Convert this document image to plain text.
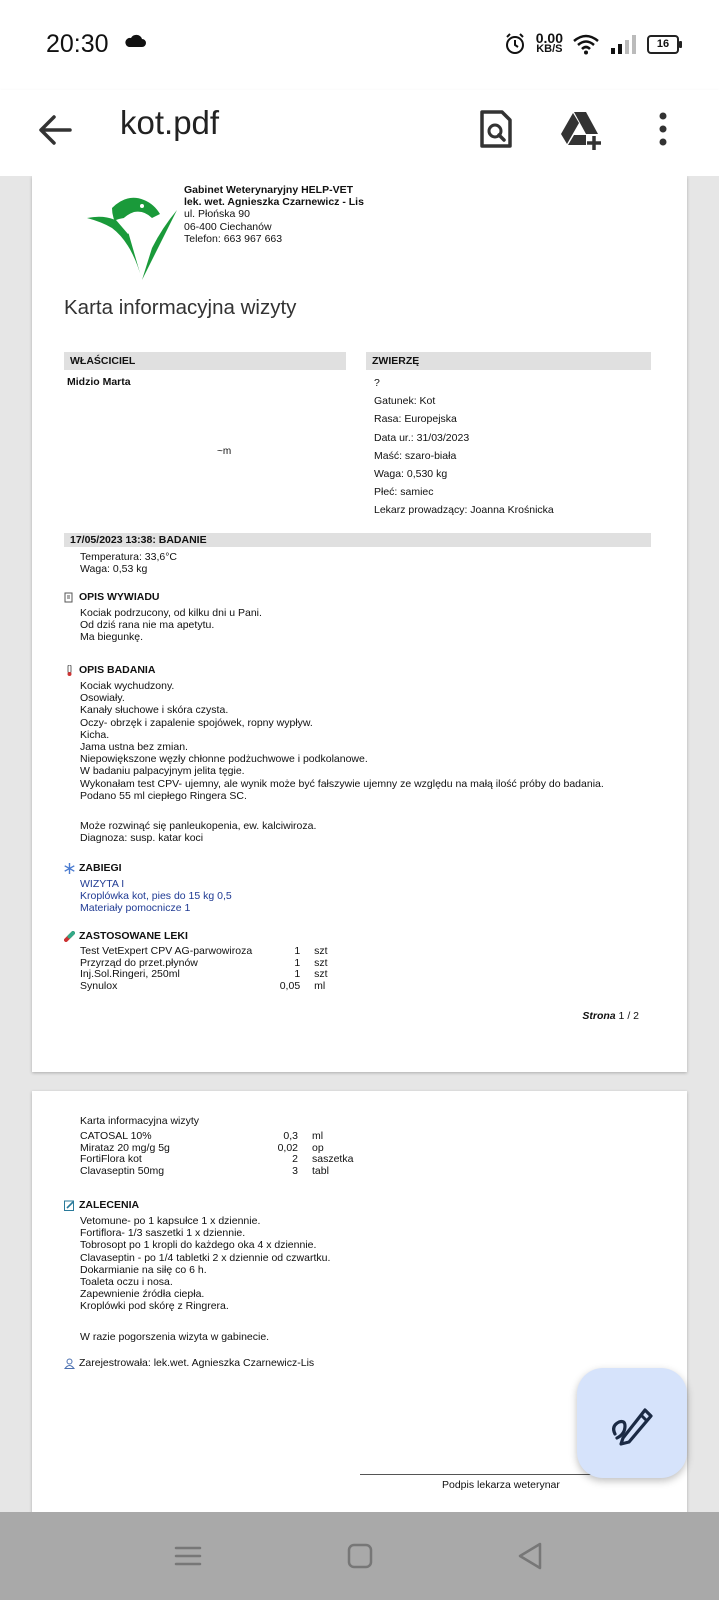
20:30	0.00
KB/S	16
kot.pdf
Gabinet Weterynaryjny HELP-VET
lek. wet. Agnieszka Czarnewicz - Lis
ul. Płońska 90
06-400 Ciechanów
Telefon: 663 967 663
Karta informacyjna wizyty
WŁAŚCICIEL	ZWIERZĘ
Midzio Marta
~m
?
Gatunek: Kot
Rasa: Europejska
Data ur.: 31/03/2023
Maść: szaro-biała
Waga: 0,530 kg
Płeć: samiec
Lekarz prowadzący: Joanna Krośnicka
17/05/2023 13:38: BADANIE
Temperatura: 33,6°C
Waga: 0,53 kg
OPIS WYWIADU
Kociak podrzucony, od kilku dni u Pani.
Od dziś rana nie ma apetytu.
Ma biegunkę.
OPIS BADANIA
Kociak wychudzony.
Osowiały.
Kanały słuchowe i skóra czysta.
Oczy- obrzęk i zapalenie spojówek, ropny wypływ.
Kicha.
Jama ustna bez zmian.
Niepowiększone węzły chłonne podżuchwowe i podkolanowe.
W badaniu palpacyjnym jelita tęgie.
Wykonałam test CPV- ujemny, ale wynik może być fałszywie ujemny ze względu na małą ilość próby do badania.
Podano 55 ml ciepłego Ringera SC.
Może rozwinąć się panleukopenia, ew. kalciwiroza.
Diagnoza: susp. katar koci
ZABIEGI
WIZYTA I
Kroplówka kot, pies do 15 kg 0,5
Materiały pomocnicze 1
ZASTOSOWANE LEKI
Test VetExpert CPV AG-parwowiroza	1	szt
Przyrząd do przet.płynów	1	szt
Inj.Sol.Ringeri, 250ml	1	szt
Synulox	0,05	ml
Strona 1 / 2
Karta informacyjna wizyty
CATOSAL 10%	0,3	ml
Mirataz 20 mg/g 5g	0,02	op
FortiFlora kot	2	saszetka
Clavaseptin 50mg	3	tabl
ZALECENIA
Vetomune- po 1 kapsułce 1 x dziennie.
Fortiflora- 1/3 saszetki 1 x dziennie.
Tobrosopt po 1 kropli do każdego oka 4 x dziennie.
Clavaseptin - po 1/4 tabletki 2 x dziennie od czwartku.
Dokarmianie na siłę co 6 h.
Toaleta oczu i nosa.
Zapewnienie źródła ciepła.
Kroplówki pod skórę z Ringrera.
W razie pogorszenia wizyta w gabinecie.
Zarejestrowała: lek.wet. Agnieszka Czarnewicz-Lis
Podpis lekarza weterynar
